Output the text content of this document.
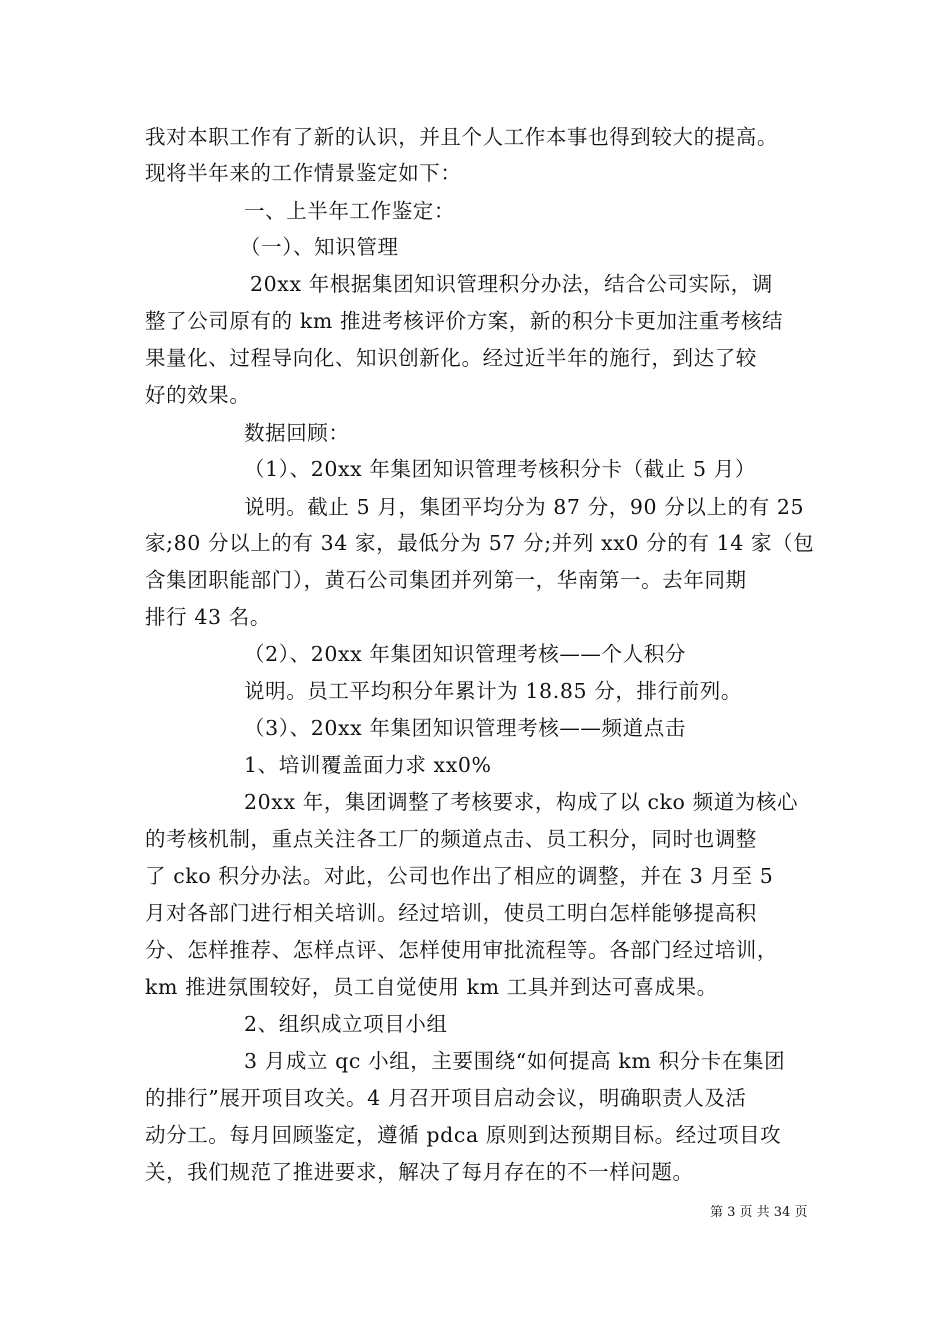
我对本职工作有了新的认识，并且个人工作本事也得到较大的提高。
现将半年来的工作情景鉴定如下：
一、上半年工作鉴定：
（一）、知识管理
20xx 年根据集团知识管理积分办法，结合公司实际，调
整了公司原有的 km 推进考核评价方案，新的积分卡更加注重考核结
果量化、过程导向化、知识创新化。经过近半年的施行，到达了较
好的效果。
数据回顾：
（1）、20xx 年集团知识管理考核积分卡（截止 5 月）
说明。截止 5 月，集团平均分为 87 分，90 分以上的有 25
家;80 分以上的有 34 家，最低分为 57 分;并列 xx0 分的有 14 家（包
含集团职能部门），黄石公司集团并列第一，华南第一。去年同期
排行 43 名。
（2）、20xx 年集团知识管理考核——个人积分
说明。员工平均积分年累计为 18.85 分，排行前列。
（3）、20xx 年集团知识管理考核——频道点击
1、培训覆盖面力求 xx0%
20xx 年，集团调整了考核要求，构成了以 cko 频道为核心
的考核机制，重点关注各工厂的频道点击、员工积分，同时也调整
了 cko 积分办法。对此，公司也作出了相应的调整，并在 3 月至 5
月对各部门进行相关培训。经过培训，使员工明白怎样能够提高积
分、怎样推荐、怎样点评、怎样使用审批流程等。各部门经过培训，
km 推进氛围较好，员工自觉使用 km 工具并到达可喜成果。
2、组织成立项目小组
3 月成立 qc 小组，主要围绕“如何提高 km 积分卡在集团
的排行”展开项目攻关。4 月召开项目启动会议，明确职责人及活
动分工。每月回顾鉴定，遵循 pdca 原则到达预期目标。经过项目攻
关，我们规范了推进要求，解决了每月存在的不一样问题。
第 3 页 共 34 页
